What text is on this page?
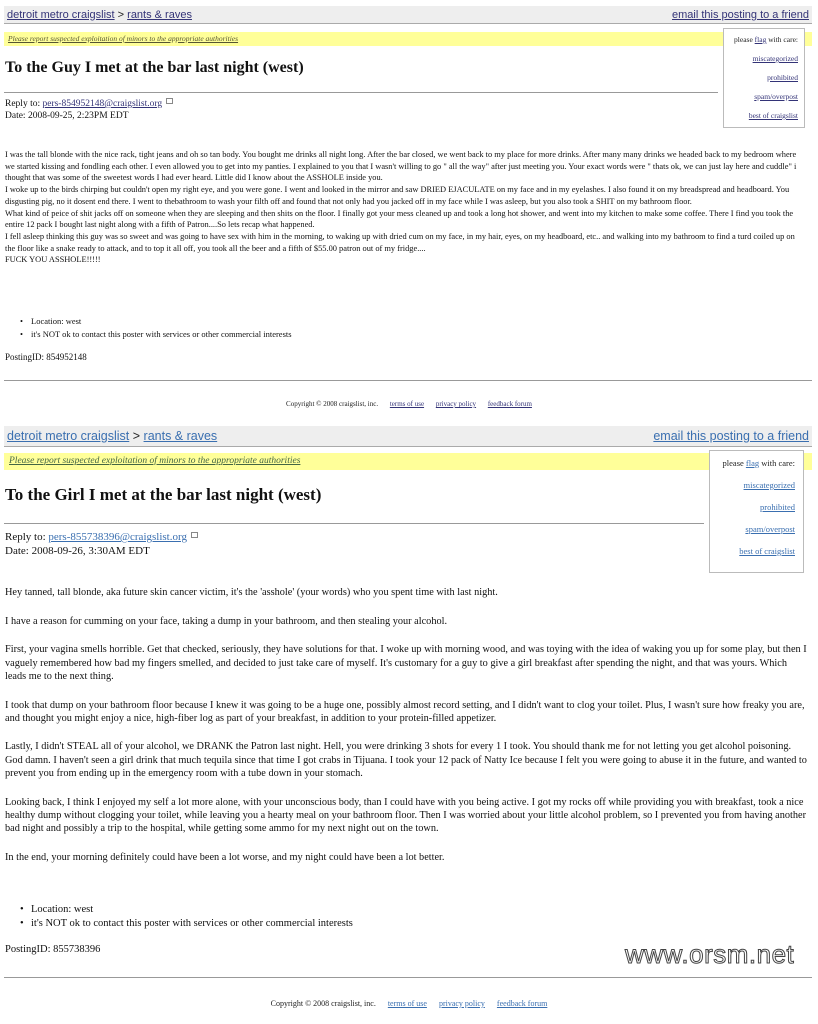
detroit metro craigslist > rants & raves	email this posting to a friend
Please report suspected exploitation of minors to the appropriate authorities	please flag with care:
miscategorized
prohibited
spam/overpost
best of craigslist
To the Guy I met at the bar last night (west)
Reply to: pers-854952148@craigslist.org
Date: 2008-09-25, 2:23PM EDT

I was the tall blonde with the nice rack, tight jeans and oh so tan body. You bought me drinks all night long. After the bar closed, we went back to my place for more drinks. After many many drinks we headed back to my bedroom where we started kissing and fondling each other. I even allowed you to get into my panties. I explained to you that I wasn't willing to go " all the way" after just meeting you. Your exact words were " thats ok, we can just lay here and cuddle" i thought that was some of the sweetest words I had ever heard. Little did I know about the ASSHOLE inside you.

I woke up to the birds chirping but couldn't open my right eye, and you were gone. I went and looked in the mirror and saw DRIED EJACULATE on my face and in my eyelashes. I also found it on my breadspread and headboard. You disgusting pig, no it dosent end there. I went to thebathroom to wash your filth off and found that not only had you jacked off in my face while I was asleep, but you also took a SHIT on my bathroom floor.

What kind of peice of shit jacks off on someone when they are sleeping and then shits on the floor. I finally got your mess cleaned up and took a long hot shower, and went into my kitchen to make some coffee. There I find you took the entire 12 pack I bought last night along with a fifth of Patron....So lets recap what happened.

I fell asleep thinking this guy was so sweet and was going to have sex with him in the morning, to waking up with dried cum on my face, in my hair, eyes, on my headboard, etc.. and walking into my bathroom to find a turd coiled up on the floor like a snake ready to attack, and to top it all off, you took all the beer and a fifth of $55.00 patron out of my fridge....

FUCK YOU ASSHOLE!!!!!

• Location: west
• it's NOT ok to contact this poster with services or other commercial interests
PostingID: 854952148
Copyright © 2008 craigslist, inc. terms of use privacy policy feedback forum
detroit metro craigslist > rants & raves	email this posting to a friend
Please report suspected exploitation of minors to the appropriate authorities	please flag with care:
miscategorized
prohibited
spam/overpost
best of craigslist
To the Girl I met at the bar last night (west)
Reply to: pers-855738396@craigslist.org
Date: 2008-09-26, 3:30AM EDT

Hey tanned, tall blonde, aka future skin cancer victim, it's the 'asshole' (your words) who you spent time with last night.

I have a reason for cumming on your face, taking a dump in your bathroom, and then stealing your alcohol.

First, your vagina smells horrible. Get that checked, seriously, they have solutions for that. I woke up with morning wood, and was toying with the idea of waking you up for some play, but then I vaguely remembered how bad my fingers smelled, and decided to just take care of myself. It's customary for a guy to give a girl breakfast after spending the night, and that was yours. Which leads me to the next thing.

I took that dump on your bathroom floor because I knew it was going to be a huge one, possibly almost record setting, and I didn't want to clog your toilet. Plus, I wasn't sure how freaky you are, and thought you might enjoy a nice, high-fiber log as part of your breakfast, in addition to your protein-filled appetizer.

Lastly, I didn't STEAL all of your alcohol, we DRANK the Patron last night. Hell, you were drinking 3 shots for every 1 I took. You should thank me for not letting you get alcohol poisoning. God damn. I haven't seen a girl drink that much tequila since that time I got crabs in Tijuana. I took your 12 pack of Natty Ice because I felt you were going to abuse it in the future, and wanted to prevent you from ending up in the emergency room with a tube down in your stomach.

Looking back, I think I enjoyed my self a lot more alone, with your unconscious body, than I could have with you being active. I got my rocks off while providing you with breakfast, took a nice healthy dump without clogging your toilet, while leaving you a hearty meal on your bathroom floor. Then I was worried about your little alcohol problem, so I prevented you from having another bad night and possibly a trip to the hospital, while getting some ammo for my next night out on the town.

In the end, your morning definitely could have been a lot worse, and my night could have been a lot better.

• Location: west
• it's NOT ok to contact this poster with services or other commercial interests
PostingID: 855738396
Copyright © 2008 craigslist, inc. terms of use privacy policy feedback forum
www.orsm.net
